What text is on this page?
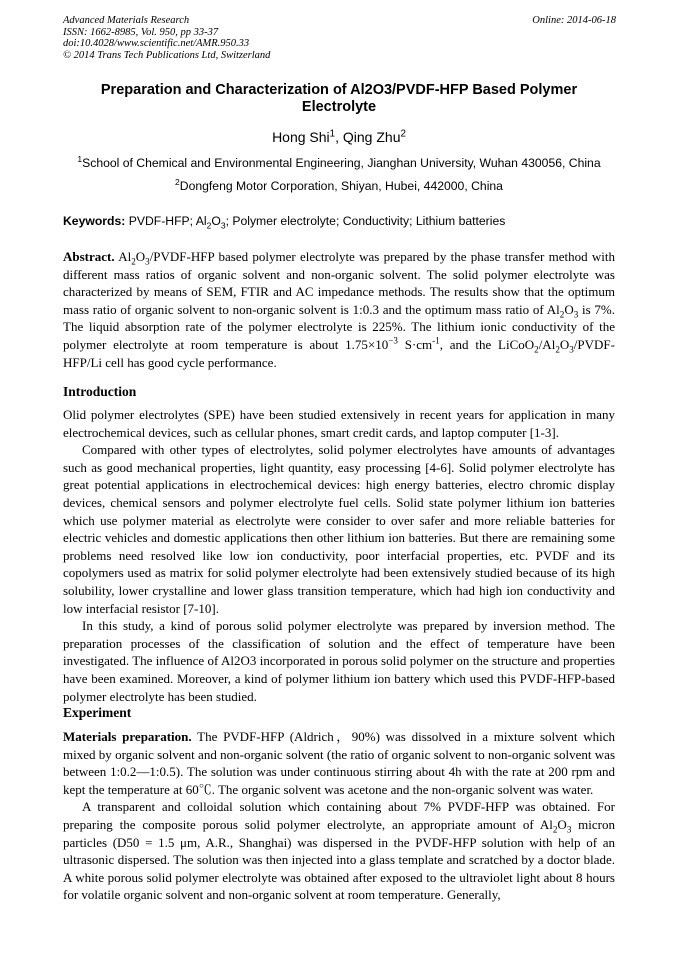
Advanced Materials Research
ISSN: 1662-8985, Vol. 950, pp 33-37
doi:10.4028/www.scientific.net/AMR.950.33
© 2014 Trans Tech Publications Ltd, Switzerland
Online: 2014-06-18
Preparation and Characterization of Al2O3/PVDF-HFP Based Polymer
Electrolyte
Hong Shi$^1$, Qing Zhu$^2$
$^1$School of Chemical and Environmental Engineering, Jianghan University, Wuhan 430056, China
$^2$Dongfeng Motor Corporation, Shiyan, Hubei, 442000, China
Keywords: PVDF-HFP; $Al_2O_3$; Polymer electrolyte; Conductivity; Lithium batteries

Abstract. $Al_2O_3/PVDF$-HFP based polymer electrolyte was prepared by the phase transfer method with different mass ratios of organic solvent and non-organic solvent. The solid polymer electrolyte was characterized by means of SEM, FTIR and AC impedance methods. The results show that the optimum mass ratio of organic solvent to non-organic solvent is 1:0.3 and the optimum mass ratio of $Al_2O_3$ is 7%. The liquid absorption rate of the polymer electrolyte is 225%. The lithium ionic conductivity of the polymer electrolyte at room temperature is about $1.75\times 10^{-3}$ $S\cdot cm^{-1}$, and the $LiCoO_2/Al_2O_3/PVDF-HFP/Li$ cell has good cycle performance.

Introduction

Olid polymer electrolytes (SPE) have been studied extensively in recent years for application in many electrochemical devices, such as cellular phones, smart credit cards, and laptop computer [1-3].

Compared with other types of electrolytes, solid polymer electrolytes have amounts of advantages such as good mechanical properties, light quantity, easy processing [4-6]. Solid polymer electrolyte has great potential applications in electrochemical devices: high energy batteries, electro chromic display devices, chemical sensors and polymer electrolyte fuel cells. Solid state polymer lithium ion batteries which use polymer material as electrolyte were consider to over safer and more reliable batteries for electric vehicles and domestic applications then other lithium ion batteries. But there are remaining some problems need resolved like low ion conductivity, poor interfacial properties, etc. PVDF and its copolymers used as matrix for solid polymer electrolyte had been extensively studied because of its high solubility, lower crystalline and lower glass transition temperature, which had high ion conductivity and low interfacial resistor [7-10].

In this study, a kind of porous solid polymer electrolyte was prepared by inversion method. The preparation processes of the classification of solution and the effect of temperature have been investigated. The influence of Al2O3 incorporated in porous solid polymer on the structure and properties have been examined. Moreover, a kind of polymer lithium ion battery which used this PVDF-HFP-based polymer electrolyte has been studied.

Experiment

Materials preparation. The PVDF-HFP (Aldrich，90%) was dissolved in a mixture solvent which mixed by organic solvent and non-organic solvent (the ratio of organic solvent to non-organic solvent was between 1:0.2—1:0.5). The solution was under continuous stirring about 4h with the rate at 200 rpm and kept the temperature at 60℃. The organic solvent was acetone and the non-organic solvent was water.

A transparent and colloidal solution which containing about 7% PVDF-HFP was obtained. For preparing the composite porous solid polymer electrolyte, an appropriate amount of $Al_2O_3$ micron particles (D50 = 1.5 μm, A.R., Shanghai) was dispersed in the PVDF-HFP solution with help of an ultrasonic dispersed. The solution was then injected into a glass template and scratched by a doctor blade. A white porous solid polymer electrolyte was obtained after exposed to the ultraviolet light about 8 hours for volatile organic solvent and non-organic solvent at room temperature. Generally,
